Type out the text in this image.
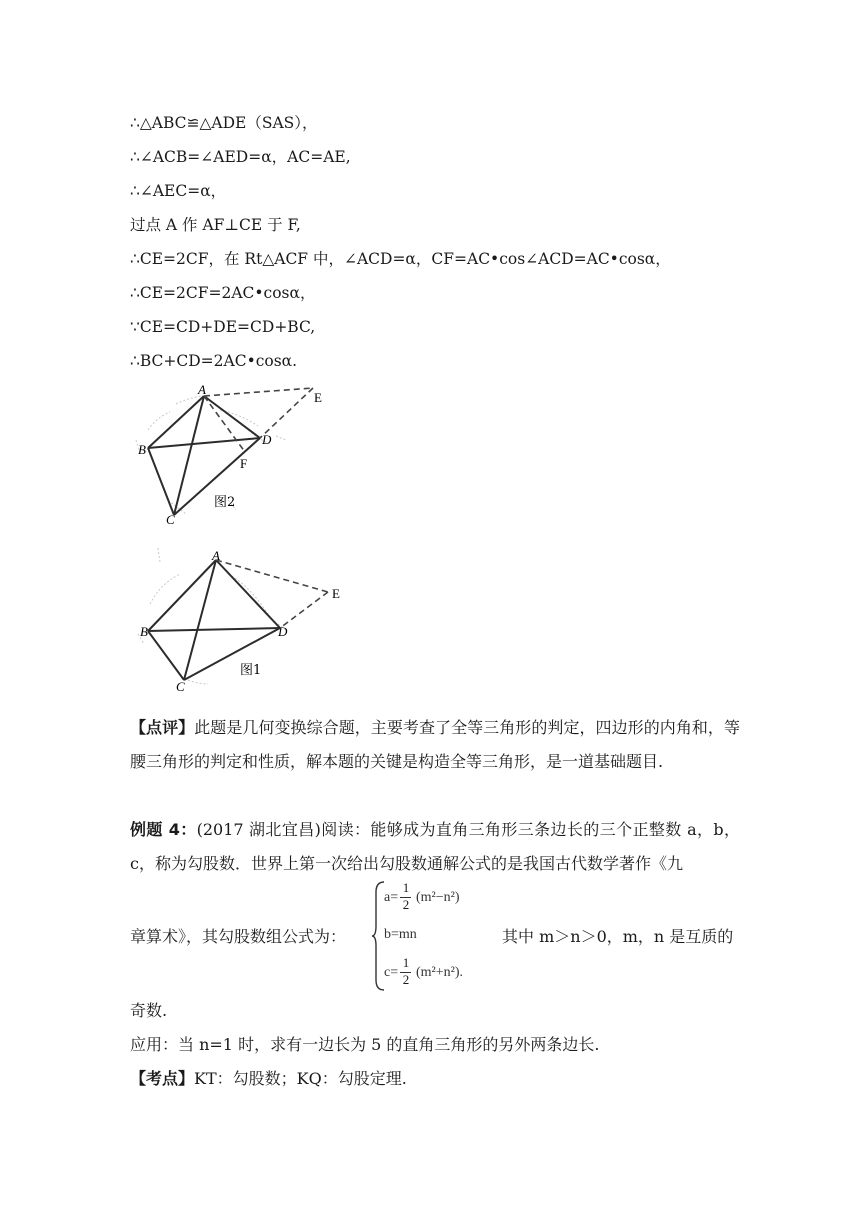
∴△ABC≌△ADE（SAS），
∴∠ACB=∠AED=α，AC=AE,
∴∠AEC=α，
过点 A 作 AF⊥CE 于 F,
∴CE=2CF，在 Rt△ACF 中，∠ACD=α，CF=AC•cos∠ACD=AC•cosα，
∴CE=2CF=2AC•cosα，
∵CE=CD+DE=CD+BC,
∴BC+CD=2AC•cosα.
A
B
C
D
E
F
图2
A
B
C
D
E
图1
【点评】此题是几何变换综合题，主要考查了全等三角形的判定，四边形的内角和，等腰三角形的判定和性质，解本题的关键是构造全等三角形，是一道基础题目.
例题 4：(2017 湖北宜昌)阅读：能够成为直角三角形三条边长的三个正整数 a，b，c，称为勾股数．世界上第一次给出勾股数通解公式的是我国古代数学著作《九
章算术》，其勾股数组公式为：
a=
1
2 (m²−n²)
b=mn
c=
1
2 (m²+n²).
其中 m＞n＞0，m，n 是互质的
奇数.
应用：当 n=1 时，求有一边长为 5 的直角三角形的另外两条边长.
【考点】KT：勾股数；KQ：勾股定理.
